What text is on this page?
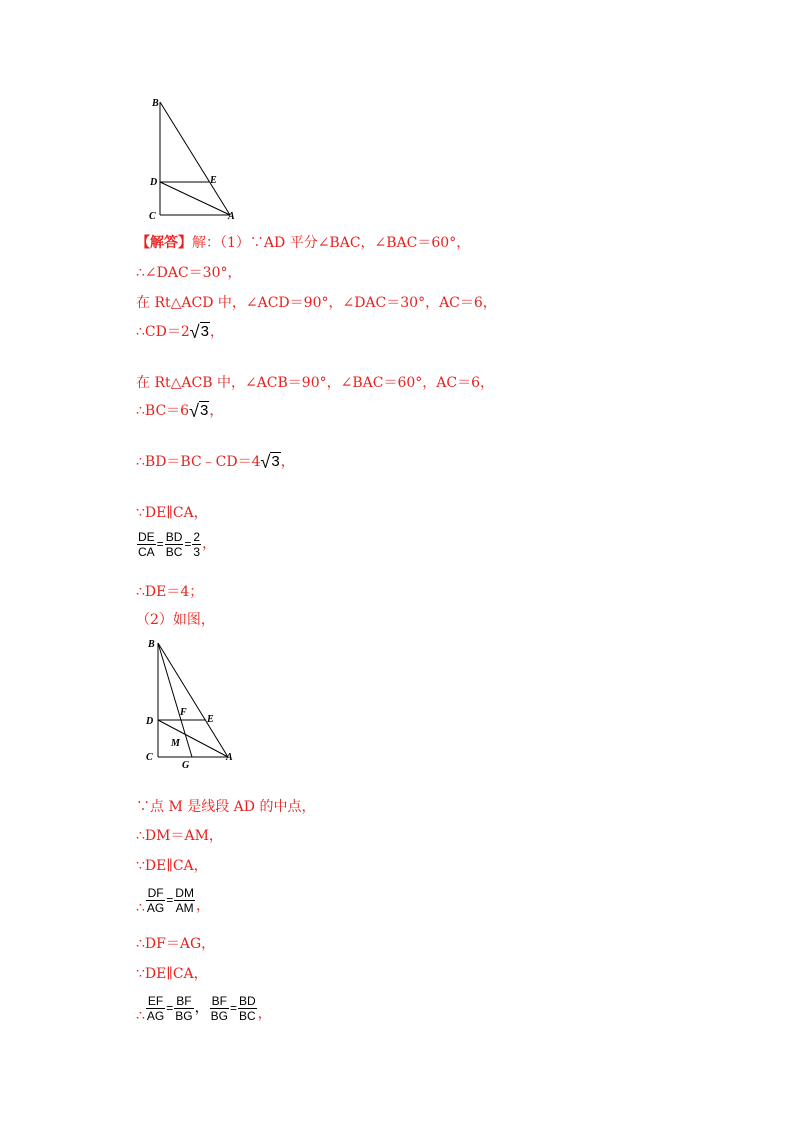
B
D	E
C	A
【解答】解：（1）∵AD 平分∠BAC，∠BAC＝60°，
∴∠DAC＝30°，
在 Rt△ACD 中，∠ACD＝90°，∠DAC＝30°，AC＝6，
∴CD＝2√3，
在 Rt△ACB 中，∠ACB＝90°，∠BAC＝60°，AC＝6，
∴BC＝6√3，
∴BD＝BC﹣CD＝4√3，
∵DE∥CA，
$\frac{DE}{CA} = \frac{BD}{BC} = \frac{2}{3}$ ，
∴DE＝4；
（2）如图，
B
D
F
E
M
C
G
A
∵点 M 是线段 AD 的中点，
∴DM＝AM，
∵DE∥CA，
∴ $\frac{DF}{AG} = \frac{DM}{AM}$ ，
∴DF＝AG，
∵DE∥CA，
∴ $\frac{EF}{AG} = \frac{BF}{BG}$ ， $\frac{BF}{BG} = \frac{BD}{BC}$ ，
